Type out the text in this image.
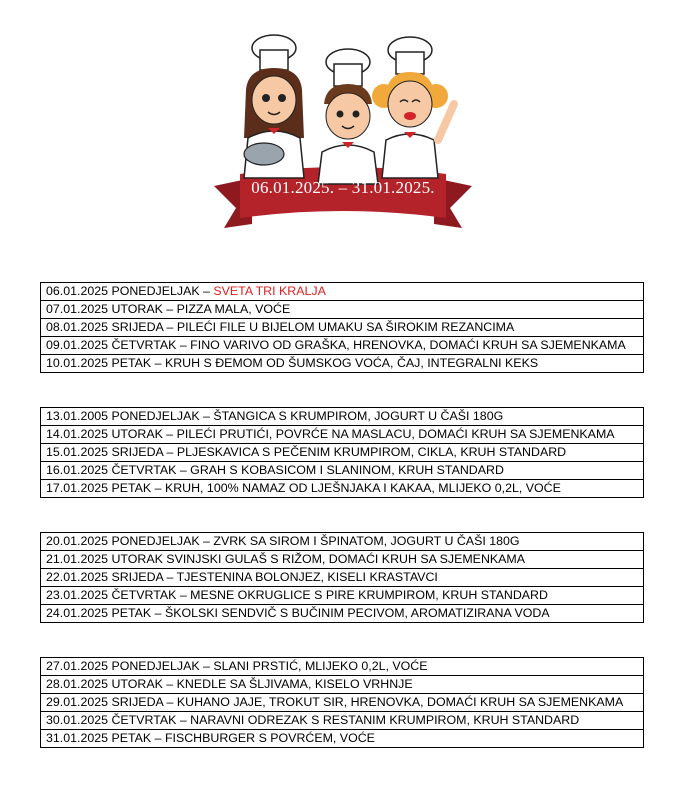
06.01.2025. – 31.01.2025.
06.01.2025 PONEDJELJAK – SVETA TRI KRALJA
07.01.2025 UTORAK – PIZZA MALA, VOĆE
08.01.2025 SRIJEDA – PILEĆI FILE U BIJELOM UMAKU SA ŠIROKIM REZANCIMA
09.01.2025 ČETVRTAK – FINO VARIVO OD GRAŠKA, HRENOVKA, DOMAĆI KRUH SA SJEMENKAMA
10.01.2025 PETAK – KRUH S ĐEMOM OD ŠUMSKOG VOĆA, ČAJ, INTEGRALNI KEKS
13.01.2005 PONEDJELJAK – ŠTANGICA S KRUMPIROM, JOGURT U ČAŠI 180G
14.01.2025 UTORAK – PILEĆI PRUTIĆI, POVRĆE NA MASLACU, DOMAĆI KRUH SA SJEMENKAMA
15.01.2025 SRIJEDA – PLJESKAVICA S PEČENIM KRUMPIROM, CIKLA, KRUH STANDARD
16.01.2025 ČETVRTAK – GRAH S KOBASICOM I SLANINOM, KRUH STANDARD
17.01.2025 PETAK – KRUH, 100% NAMAZ OD LJEŠNJAKA I KAKAA, MLIJEKO 0,2L, VOĆE
20.01.2025 PONEDJELJAK – ZVRK SA SIROM I ŠPINATOM, JOGURT U ČAŠI 180G
21.01.2025 UTORAK SVINJSKI GULAŠ S RIŽOM, DOMAĆI KRUH SA SJEMENKAMA
22.01.2025 SRIJEDA – TJESTENINA BOLONJEZ, KISELI KRASTAVCI
23.01.2025 ČETVRTAK – MESNE OKRUGLICE S PIRE KRUMPIROM, KRUH STANDARD
24.01.2025 PETAK – ŠKOLSKI SENDVIČ S BUČINIM PECIVOM, AROMATIZIRANA VODA
27.01.2025 PONEDJELJAK – SLANI PRSTIĆ, MLIJEKO 0,2L, VOĆE
28.01.2025 UTORAK – KNEDLE SA ŠLJIVAMA, KISELO VRHNJE
29.01.2025 SRIJEDA – KUHANO JAJE, TROKUT SIR, HRENOVKA, DOMAĆI KRUH SA SJEMENKAMA
30.01.2025 ČETVRTAK – NARAVNI ODREZAK S RESTANIM KRUMPIROM, KRUH STANDARD
31.01.2025 PETAK – FISCHBURGER S POVRĆEM, VOĆE
